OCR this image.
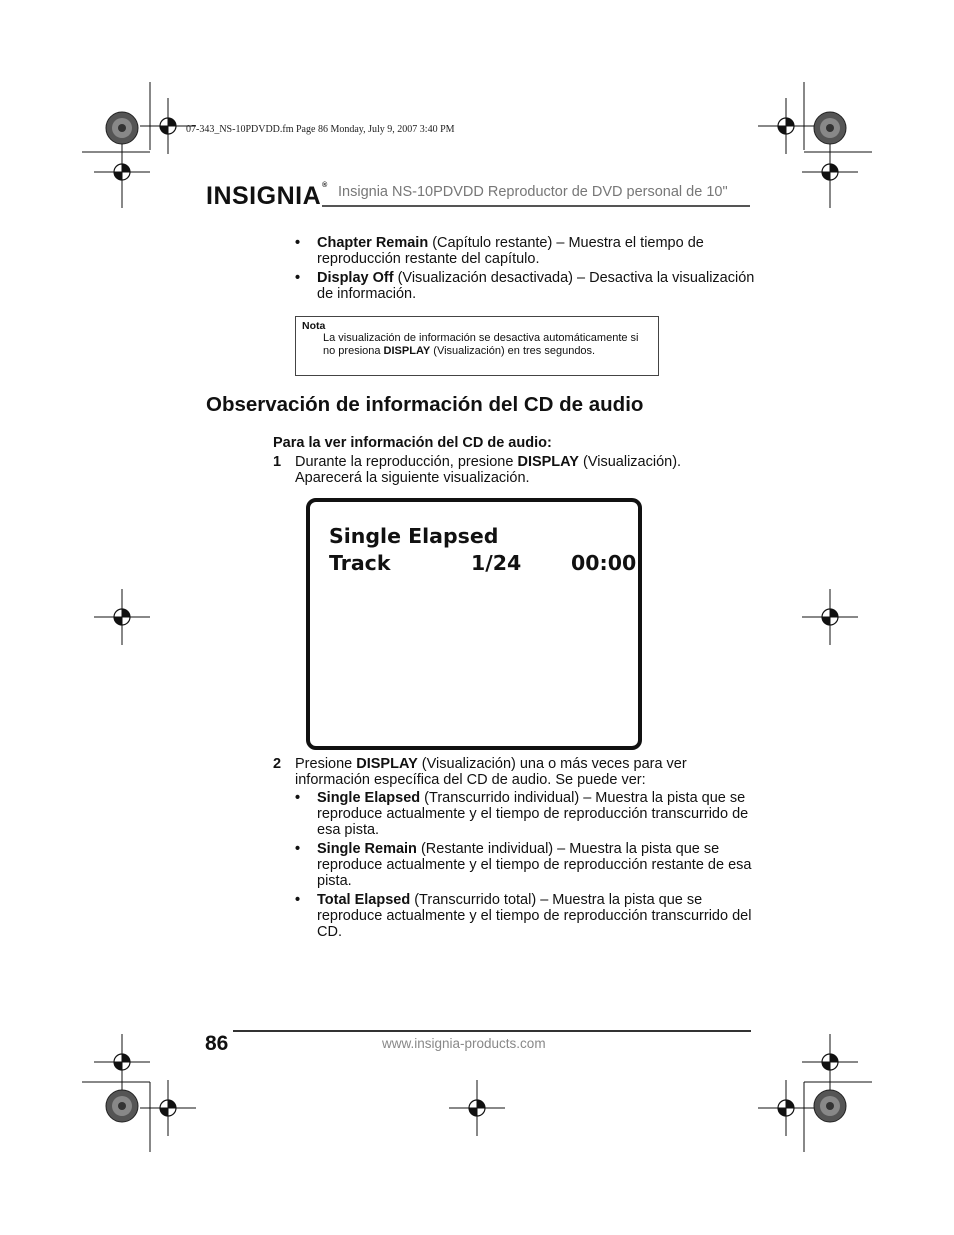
07-343_NS-10PDVDD.fm Page 86 Monday, July 9, 2007 3:40 PM
INSIGNIA® Insignia NS-10PDVDD Reproductor de DVD personal de 10"
• Chapter Remain (Capítulo restante) – Muestra el tiempo de reproducción restante del capítulo.
• Display Off (Visualización desactivada) – Desactiva la visualización de información.
Nota
La visualización de información se desactiva automáticamente si no presiona DISPLAY (Visualización) en tres segundos.
Observación de información del CD de audio
Para la ver información del CD de audio:
1 Durante la reproducción, presione DISPLAY (Visualización). Aparecerá la siguiente visualización.
Single Elapsed
Track	1/24 00:00
2 Presione DISPLAY (Visualización) una o más veces para ver información específica del CD de audio. Se puede ver:
• Single Elapsed (Transcurrido individual) – Muestra la pista que se reproduce actualmente y el tiempo de reproducción transcurrido de esa pista.
• Single Remain (Restante individual) – Muestra la pista que se reproduce actualmente y el tiempo de reproducción restante de esa pista.
• Total Elapsed (Transcurrido total) – Muestra la pista que se reproduce actualmente y el tiempo de reproducción transcurrido del CD.
86	www.insignia-products.com
